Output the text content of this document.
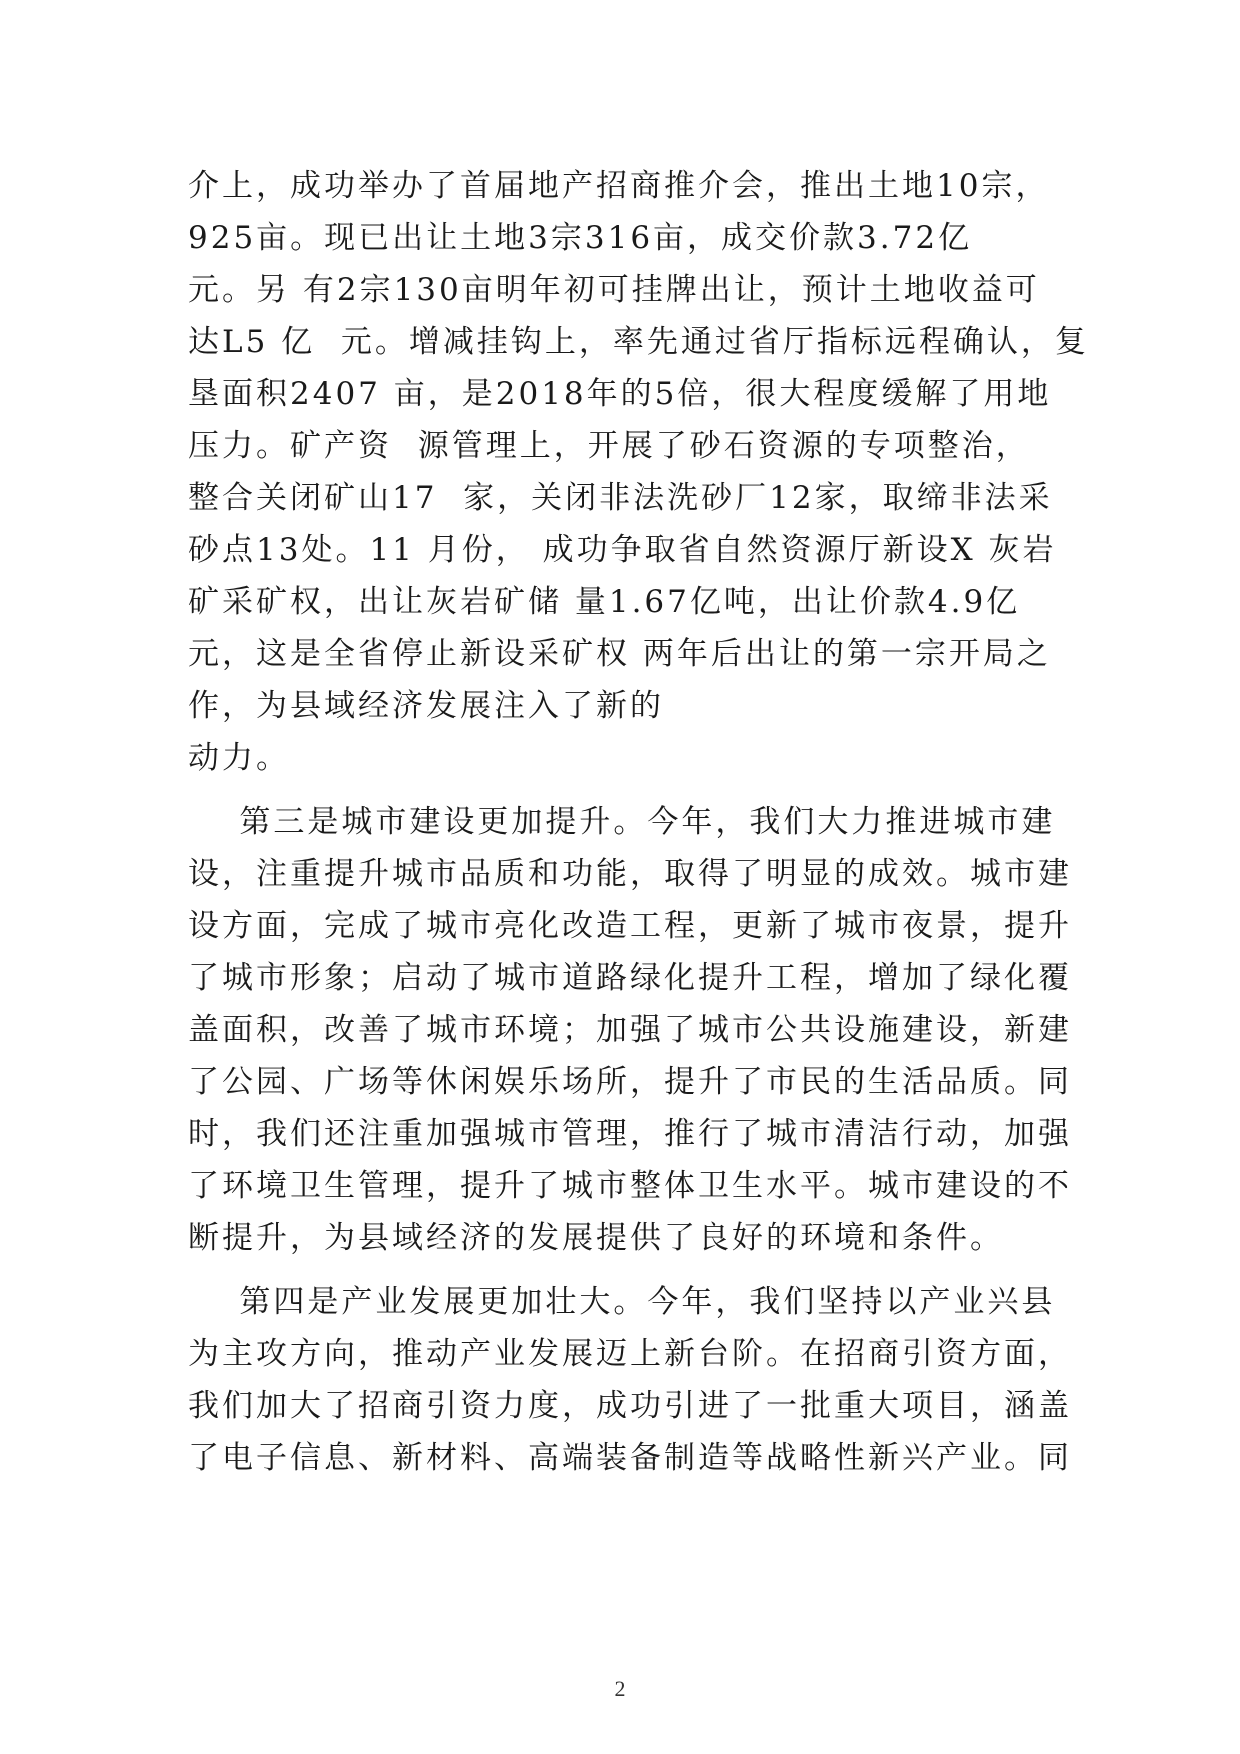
介上，成功举办了首届地产招商推介会，推出土地10宗，
925亩。现已出让土地3宗316亩，成交价款3.72亿
元。另 有2宗130亩明年初可挂牌出让，预计土地收益可
达L5 亿  元。增减挂钩上，率先通过省厅指标远程确认，复
垦面积2407 亩，是2018年的5倍，很大程度缓解了用地
压力。矿产资  源管理上，开展了砂石资源的专项整治，
整合关闭矿山17  家，关闭非法洗砂厂12家，取缔非法采
砂点13处。11 月份， 成功争取省自然资源厅新设X 灰岩
矿采矿权，出让灰岩矿储 量1.67亿吨，出让价款4.9亿
元，这是全省停止新设采矿权 两年后出让的第一宗开局之
作，为县域经济发展注入了新的
动力。
第三是城市建设更加提升。今年，我们大力推进城市建
设，注重提升城市品质和功能，取得了明显的成效。城市建
设方面，完成了城市亮化改造工程，更新了城市夜景，提升
了城市形象；启动了城市道路绿化提升工程，增加了绿化覆
盖面积，改善了城市环境；加强了城市公共设施建设，新建
了公园、广场等休闲娱乐场所，提升了市民的生活品质。同
时，我们还注重加强城市管理，推行了城市清洁行动，加强
了环境卫生管理，提升了城市整体卫生水平。城市建设的不
断提升，为县域经济的发展提供了良好的环境和条件。
第四是产业发展更加壮大。今年，我们坚持以产业兴县
为主攻方向，推动产业发展迈上新台阶。在招商引资方面，
我们加大了招商引资力度，成功引进了一批重大项目，涵盖
了电子信息、新材料、高端装备制造等战略性新兴产业。同
2
